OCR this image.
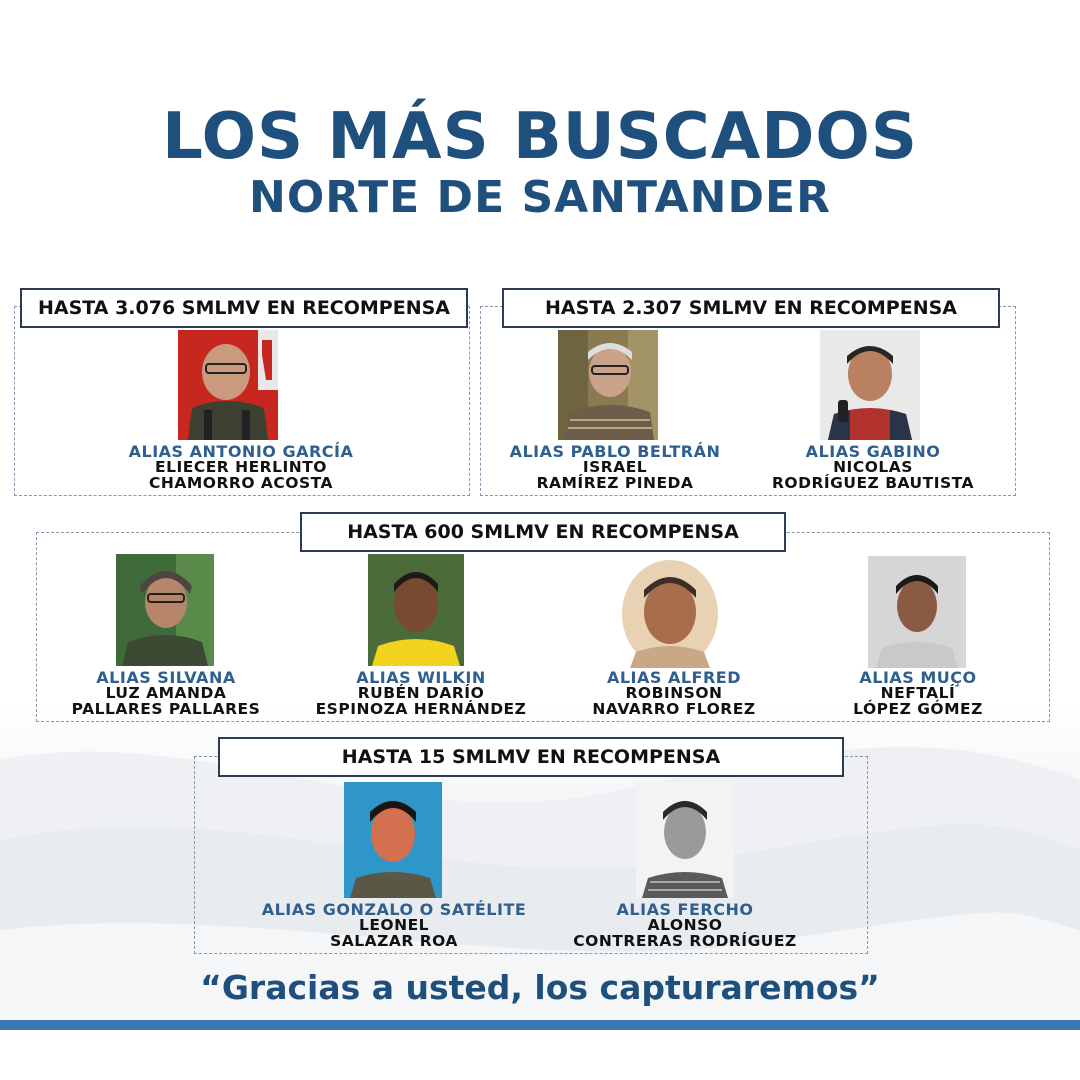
LOS MÁS BUSCADOS
NORTE DE SANTANDER
HASTA 3.076 SMLMV EN RECOMPENSA
ALIAS ANTONIO GARCÍA
ELIECER HERLINTO
CHAMORRO ACOSTA
HASTA 2.307 SMLMV EN RECOMPENSA
ALIAS PABLO BELTRÁN
ISRAEL
RAMÍREZ PINEDA
ALIAS GABINO
NICOLAS
RODRÍGUEZ BAUTISTA
HASTA 600 SMLMV EN RECOMPENSA
ALIAS SILVANA
LUZ AMANDA
PALLARES PALLARES
ALIAS WILKIN
RUBÉN DARÍO
ESPINOZA HERNÁNDEZ
ALIAS ALFRED
ROBINSON
NAVARRO FLOREZ
ALIAS MUÇO
NEFTALÍ
LÓPEZ GÓMEZ
HASTA 15 SMLMV EN RECOMPENSA
ALIAS GONZALO O SATÉLITE
LEONEL
SALAZAR ROA
ALIAS FERCHO
ALONSO
CONTRERAS RODRÍGUEZ
“Gracias a usted, los capturaremos”
